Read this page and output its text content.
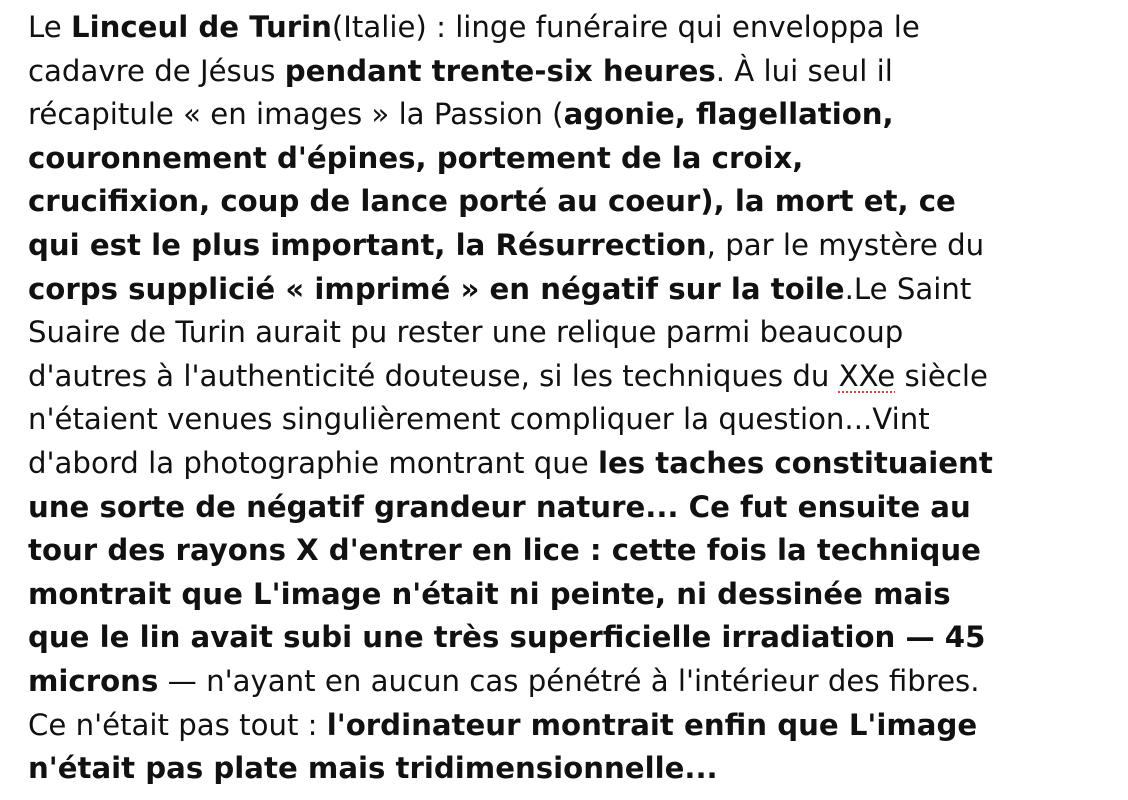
Le Linceul de Turin(Italie) : linge funéraire qui enveloppa le
cadavre de Jésus pendant trente-six heures. À lui seul il
récapitule « en images » la Passion (agonie, flagellation,
couronnement d'épines, portement de la croix,
crucifixion, coup de lance porté au coeur), la mort et, ce
qui est le plus important, la Résurrection, par le mystère du
corps supplicié « imprimé » en négatif sur la toile.Le Saint
Suaire de Turin aurait pu rester une relique parmi beaucoup
d'autres à l'authenticité douteuse, si les techniques du XXe siècle
n'étaient venues singulièrement compliquer la question...Vint
d'abord la photographie montrant que les taches constituaient
une sorte de négatif grandeur nature... Ce fut ensuite au
tour des rayons X d'entrer en lice : cette fois la technique
montrait que L'image n'était ni peinte, ni dessinée mais
que le lin avait subi une très superficielle irradiation — 45
microns — n'ayant en aucun cas pénétré à l'intérieur des fibres.
Ce n'était pas tout : l'ordinateur montrait enfin que L'image
n'était pas plate mais tridimensionnelle...
